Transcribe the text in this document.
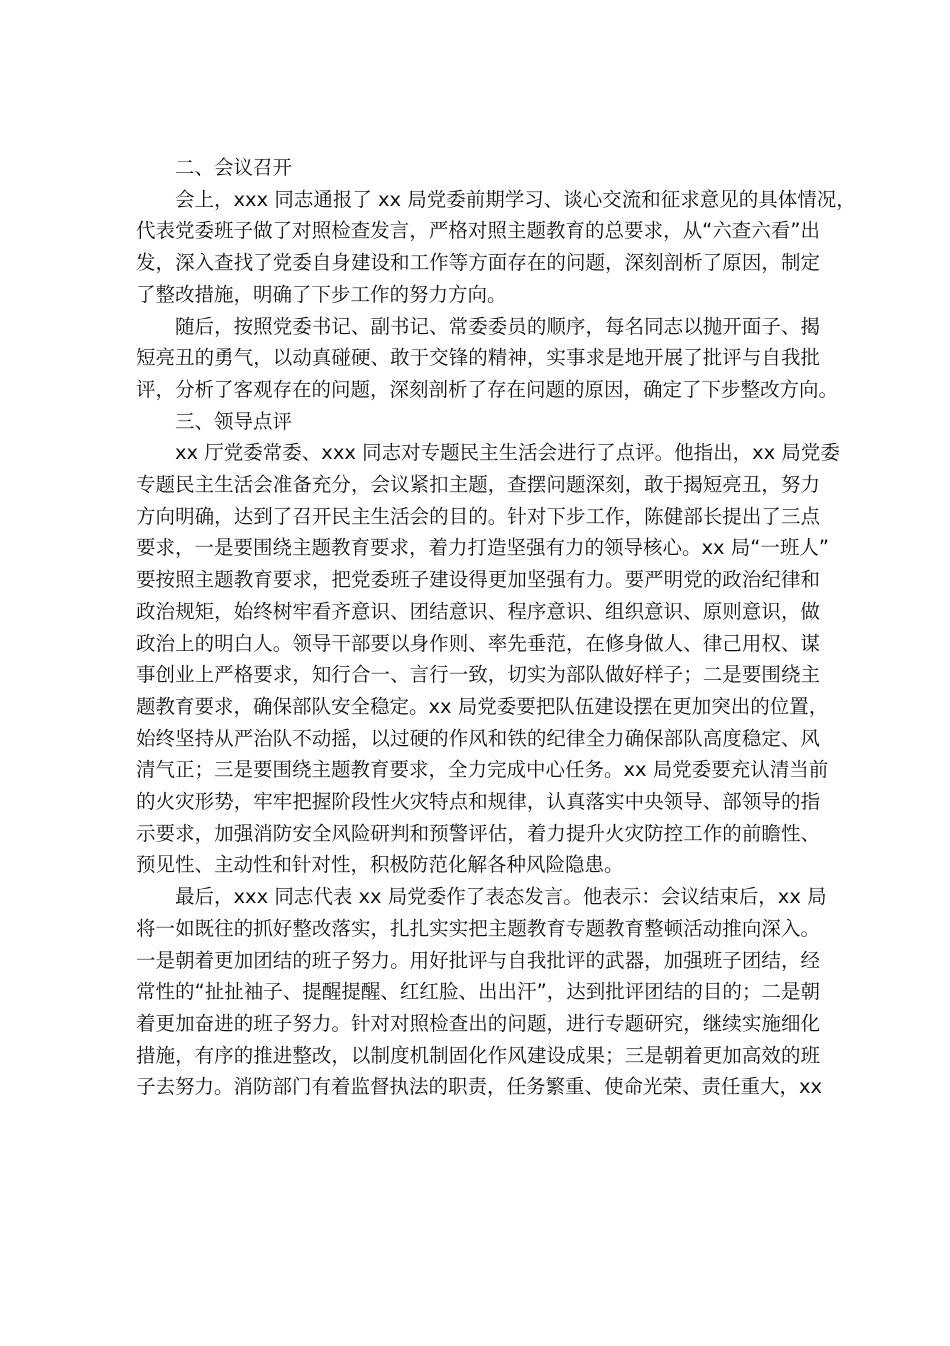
二、会议召开

会上，xxx 同志通报了 xx 局党委前期学习、谈心交流和征求意见的具体情况，
代表党委班子做了对照检查发言，严格对照主题教育的总要求，从“六查六看”出
发，深入查找了党委自身建设和工作等方面存在的问题，深刻剖析了原因，制定
了整改措施，明确了下步工作的努力方向。
随后，按照党委书记、副书记、常委委员的顺序，每名同志以抛开面子、揭
短亮丑的勇气，以动真碰硬、敢于交锋的精神，实事求是地开展了批评与自我批
评，分析了客观存在的问题，深刻剖析了存在问题的原因，确定了下步整改方向。

三、领导点评

xx 厅党委常委、xxx 同志对专题民主生活会进行了点评。他指出，xx 局党委
专题民主生活会准备充分，会议紧扣主题，查摆问题深刻，敢于揭短亮丑，努力
方向明确，达到了召开民主生活会的目的。针对下步工作，陈健部长提出了三点
要求，一是要围绕主题教育要求，着力打造坚强有力的领导核心。xx 局“一班人”
要按照主题教育要求，把党委班子建设得更加坚强有力。要严明党的政治纪律和
政治规矩，始终树牢看齐意识、团结意识、程序意识、组织意识、原则意识，做
政治上的明白人。领导干部要以身作则、率先垂范，在修身做人、律己用权、谋
事创业上严格要求，知行合一、言行一致，切实为部队做好样子；二是要围绕主
题教育要求，确保部队安全稳定。xx 局党委要把队伍建设摆在更加突出的位置，
始终坚持从严治队不动摇，以过硬的作风和铁的纪律全力确保部队高度稳定、风
清气正；三是要围绕主题教育要求，全力完成中心任务。xx 局党委要充认清当前
的火灾形势，牢牢把握阶段性火灾特点和规律，认真落实中央领导、部领导的指
示要求，加强消防安全风险研判和预警评估，着力提升火灾防控工作的前瞻性、
预见性、主动性和针对性，积极防范化解各种风险隐患。
最后，xxx 同志代表 xx 局党委作了表态发言。他表示：会议结束后，xx 局
将一如既往的抓好整改落实，扎扎实实把主题教育专题教育整顿活动推向深入。
一是朝着更加团结的班子努力。用好批评与自我批评的武器，加强班子团结，经
常性的“扯扯袖子、提醒提醒、红红脸、出出汗”，达到批评团结的目的；二是朝
着更加奋进的班子努力。针对对照检查出的问题，进行专题研究，继续实施细化
措施，有序的推进整改，以制度机制固化作风建设成果；三是朝着更加高效的班
子去努力。消防部门有着监督执法的职责，任务繁重、使命光荣、责任重大，xx
